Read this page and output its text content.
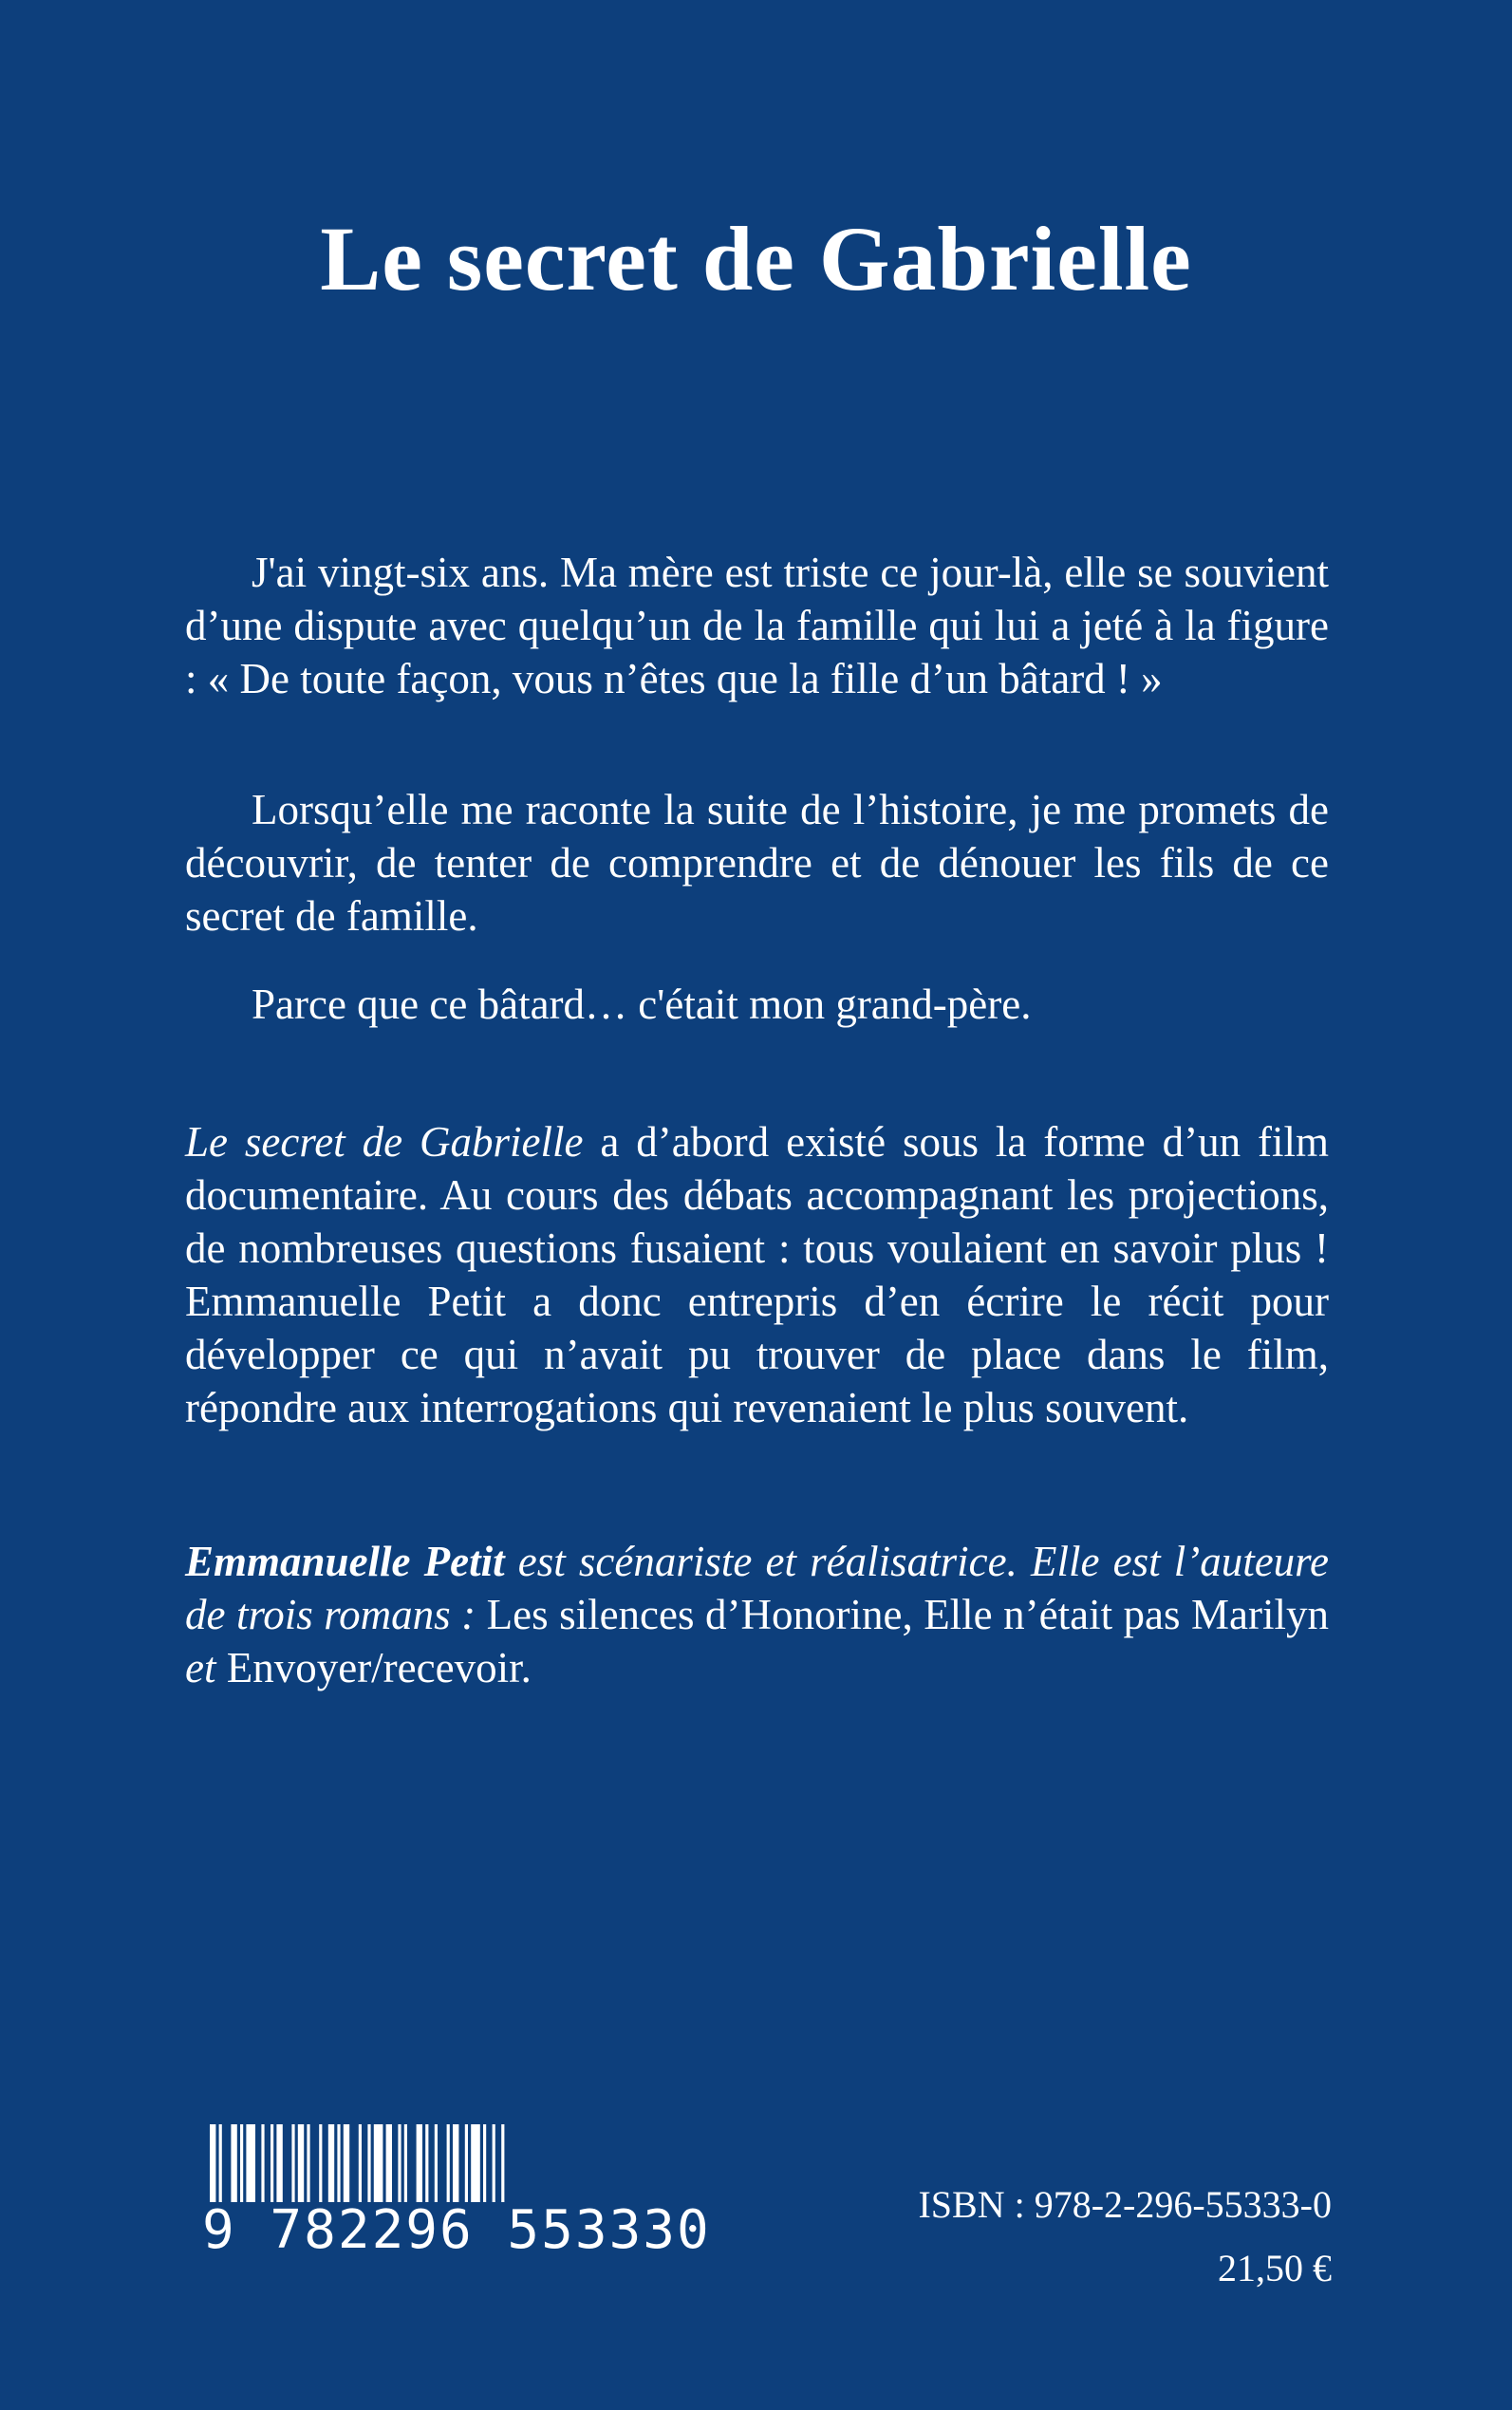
Le secret de Gabrielle

J'ai vingt-six ans. Ma mère est triste ce jour-là, elle se souvient d’une dispute avec quelqu’un de la famille qui lui a jeté à la figure : « De toute façon, vous n’êtes que la fille d’un bâtard ! »

Lorsqu’elle me raconte la suite de l’histoire, je me promets de découvrir, de tenter de comprendre et de dénouer les fils de ce secret de famille.

Parce que ce bâtard… c'était mon grand-père.

Le secret de Gabrielle a d’abord existé sous la forme d’un film documentaire. Au cours des débats accompagnant les projections, de nombreuses questions fusaient : tous voulaient en savoir plus ! Emmanuelle Petit a donc entrepris d’en écrire le récit pour développer ce qui n’avait pu trouver de place dans le film, répondre aux interrogations qui revenaient le plus souvent.

Emmanuelle Petit est scénariste et réalisatrice. Elle est l’auteure de trois romans : Les silences d’Honorine, Elle n’était pas Marilyn et Envoyer/recevoir.

9 782296 553330	ISBN : 978-2-296-55333-0
21,50 €
